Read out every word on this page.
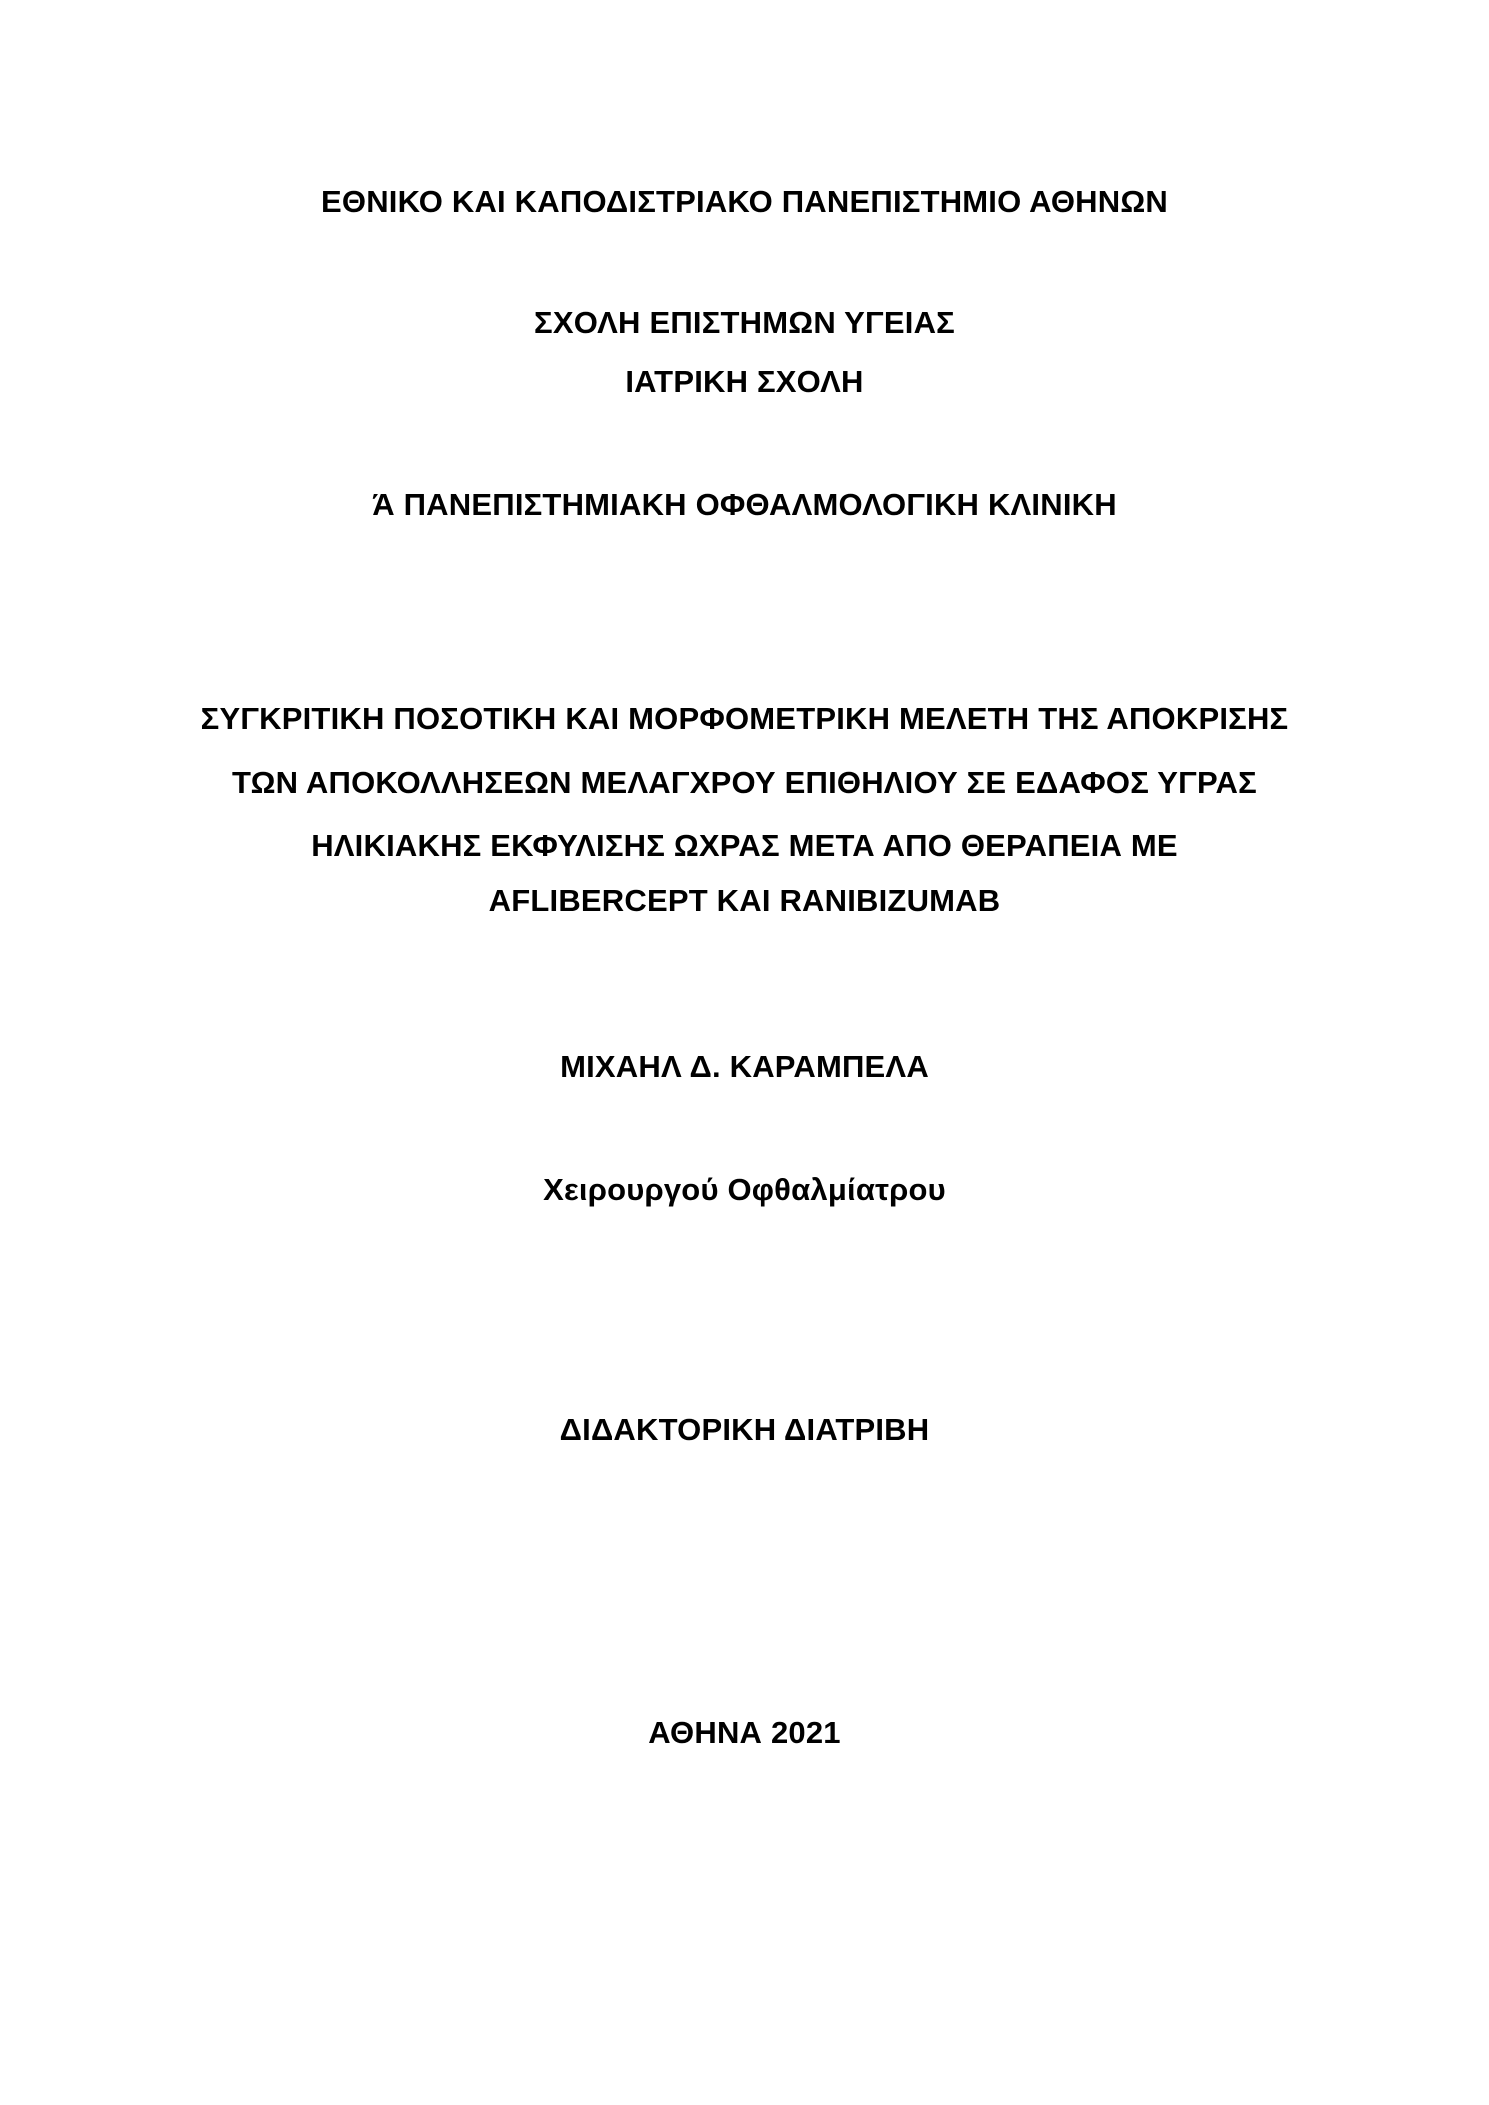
ΕΘΝΙΚΟ ΚΑΙ ΚΑΠΟΔΙΣΤΡΙΑΚΟ ΠΑΝΕΠΙΣΤΗΜΙΟ ΑΘΗΝΩΝ
ΣΧΟΛΗ ΕΠΙΣΤΗΜΩΝ ΥΓΕΙΑΣ
ΙΑΤΡΙΚΗ ΣΧΟΛΗ
Ά ΠΑΝΕΠΙΣΤΗΜΙΑΚΗ ΟΦΘΑΛΜΟΛΟΓΙΚΗ ΚΛΙΝΙΚΗ
ΣΥΓΚΡΙΤΙΚΗ ΠΟΣΟΤΙΚΗ ΚΑΙ ΜΟΡΦΟΜΕΤΡΙΚΗ ΜΕΛΕΤΗ ΤΗΣ ΑΠΟΚΡΙΣΗΣ
ΤΩΝ ΑΠΟΚΟΛΛΗΣΕΩΝ ΜΕΛΑΓΧΡΟΥ ΕΠΙΘΗΛΙΟΥ ΣΕ ΕΔΑΦΟΣ ΥΓΡΑΣ
ΗΛΙΚΙΑΚΗΣ ΕΚΦΥΛΙΣΗΣ ΩΧΡΑΣ ΜΕΤΑ ΑΠΟ ΘΕΡΑΠΕΙΑ ΜΕ
AFLIBERCEPT ΚΑΙ RANIBIZUMAB
ΜΙΧΑΗΛ Δ. ΚΑΡΑΜΠΕΛΑ
Χειρουργού Οφθαλμίατρου
ΔΙΔΑΚΤΟΡΙΚΗ ΔΙΑΤΡΙΒΗ
ΑΘΗΝΑ 2021
